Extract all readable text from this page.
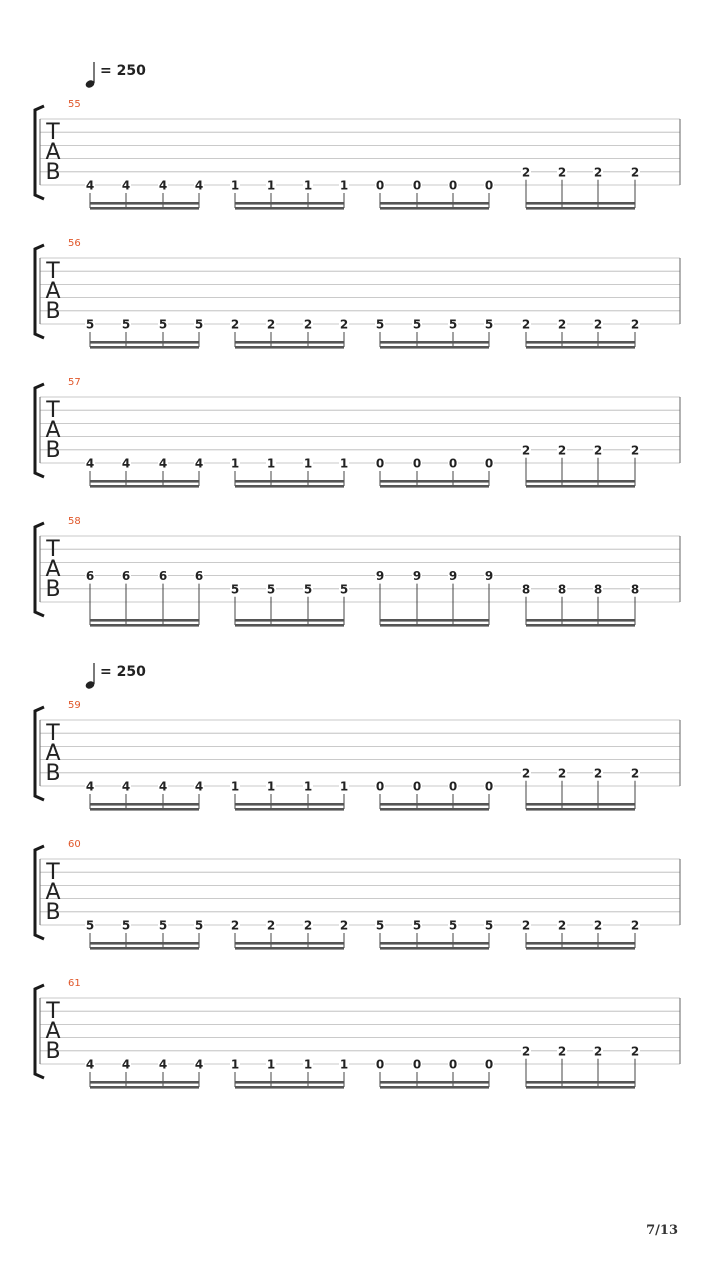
= 250
= 250
55
T
A
B
4 4 4 4 1 1 1 1 0 0 0 0
2 2 2 2
56
T
A
B
5 5 5 5 2 2 2 2 5 5 5 5 2 2 2 2
57
T
A
B
4 4 4 4 1 1 1 1 0 0 0 0
2 2 2 2
58
T
A
B
6 6 6 6
5 5 5 5
9 9 9 9
8 8 8 8
59
T
A
B
4 4 4 4 1 1 1 1 0 0 0 0
2 2 2 2
60
T
A
B
5 5 5 5 2 2 2 2 5 5 5 5 2 2 2 2
61
T
A
B
4 4 4 4 1 1 1 1 0 0 0 0
2 2 2 2
7/13
